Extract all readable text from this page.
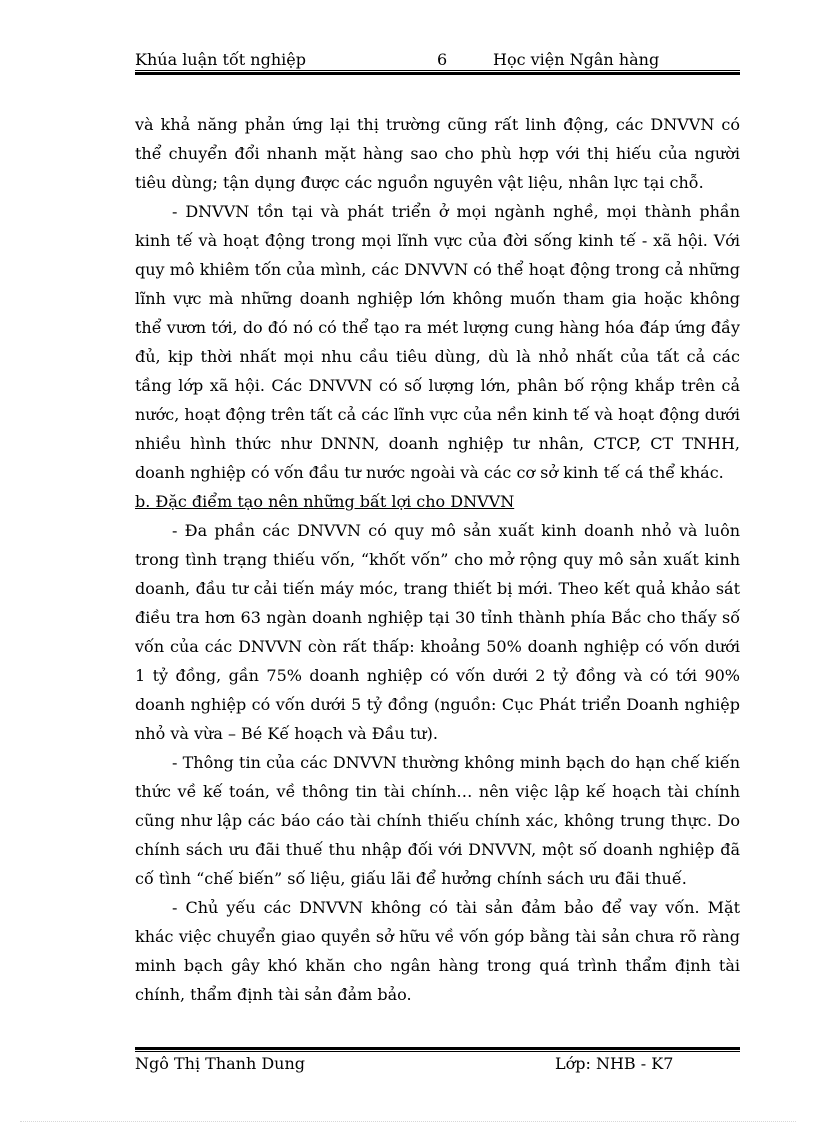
Khúa luận tốt nghiệp	6	Học viện Ngân hàng

và khả năng phản ứng lại thị trường cũng rất linh động, các DNVVN có thể chuyển đổi nhanh mặt hàng sao cho phù hợp với thị hiếu của người tiêu dùng; tận dụng được các nguồn nguyên vật liệu, nhân lực tại chỗ.

- DNVVN tồn tại và phát triển ở mọi ngành nghề, mọi thành phần kinh tế và hoạt động trong mọi lĩnh vực của đời sống kinh tế - xã hội. Với quy mô khiêm tốn của mình, các DNVVN có thể hoạt động trong cả những lĩnh vực mà những doanh nghiệp lớn không muốn tham gia hoặc không thể vươn tới, do đó nó có thể tạo ra mét lượng cung hàng hóa đáp ứng đầy đủ, kịp thời nhất mọi nhu cầu tiêu dùng, dù là nhỏ nhất của tất cả các tầng lớp xã hội. Các DNVVN có số lượng lớn, phân bố rộng khắp trên cả nước, hoạt động trên tất cả các lĩnh vực của nền kinh tế và hoạt động dưới nhiều hình thức như DNNN, doanh nghiệp tư nhân, CTCP, CT TNHH, doanh nghiệp có vốn đầu tư nước ngoài và các cơ sở kinh tế cá thể khác.

b. Đặc điểm tạo nên những bất lợi cho DNVVN

- Đa phần các DNVVN có quy mô sản xuất kinh doanh nhỏ và luôn trong tình trạng thiếu vốn, “khốt vốn” cho mở rộng quy mô sản xuất kinh doanh, đầu tư cải tiến máy móc, trang thiết bị mới. Theo kết quả khảo sát điều tra hơn 63 ngàn doanh nghiệp tại 30 tỉnh thành phía Bắc cho thấy số vốn của các DNVVN còn rất thấp: khoảng 50% doanh nghiệp có vốn dưới 1 tỷ đồng, gần 75% doanh nghiệp có vốn dưới 2 tỷ đồng và có tới 90% doanh nghiệp có vốn dưới 5 tỷ đồng (nguồn: Cục Phát triển Doanh nghiệp nhỏ và vừa – Bé Kế hoạch và Đầu tư).

- Thông tin của các DNVVN thường không minh bạch do hạn chế kiến thức về kế toán, về thông tin tài chính… nên việc lập kế hoạch tài chính cũng như lập các báo cáo tài chính thiếu chính xác, không trung thực. Do chính sách ưu đãi thuế thu nhập đối với DNVVN, một số doanh nghiệp đã cố tình “chế biến” số liệu, giấu lãi để hưởng chính sách ưu đãi thuế.

- Chủ yếu các DNVVN không có tài sản đảm bảo để vay vốn. Mặt khác việc chuyển giao quyền sở hữu về vốn góp bằng tài sản chưa rõ ràng minh bạch gây khó khăn cho ngân hàng trong quá trình thẩm định tài chính, thẩm định tài sản đảm bảo.

Ngô Thị Thanh Dung	Lớp: NHB - K7
